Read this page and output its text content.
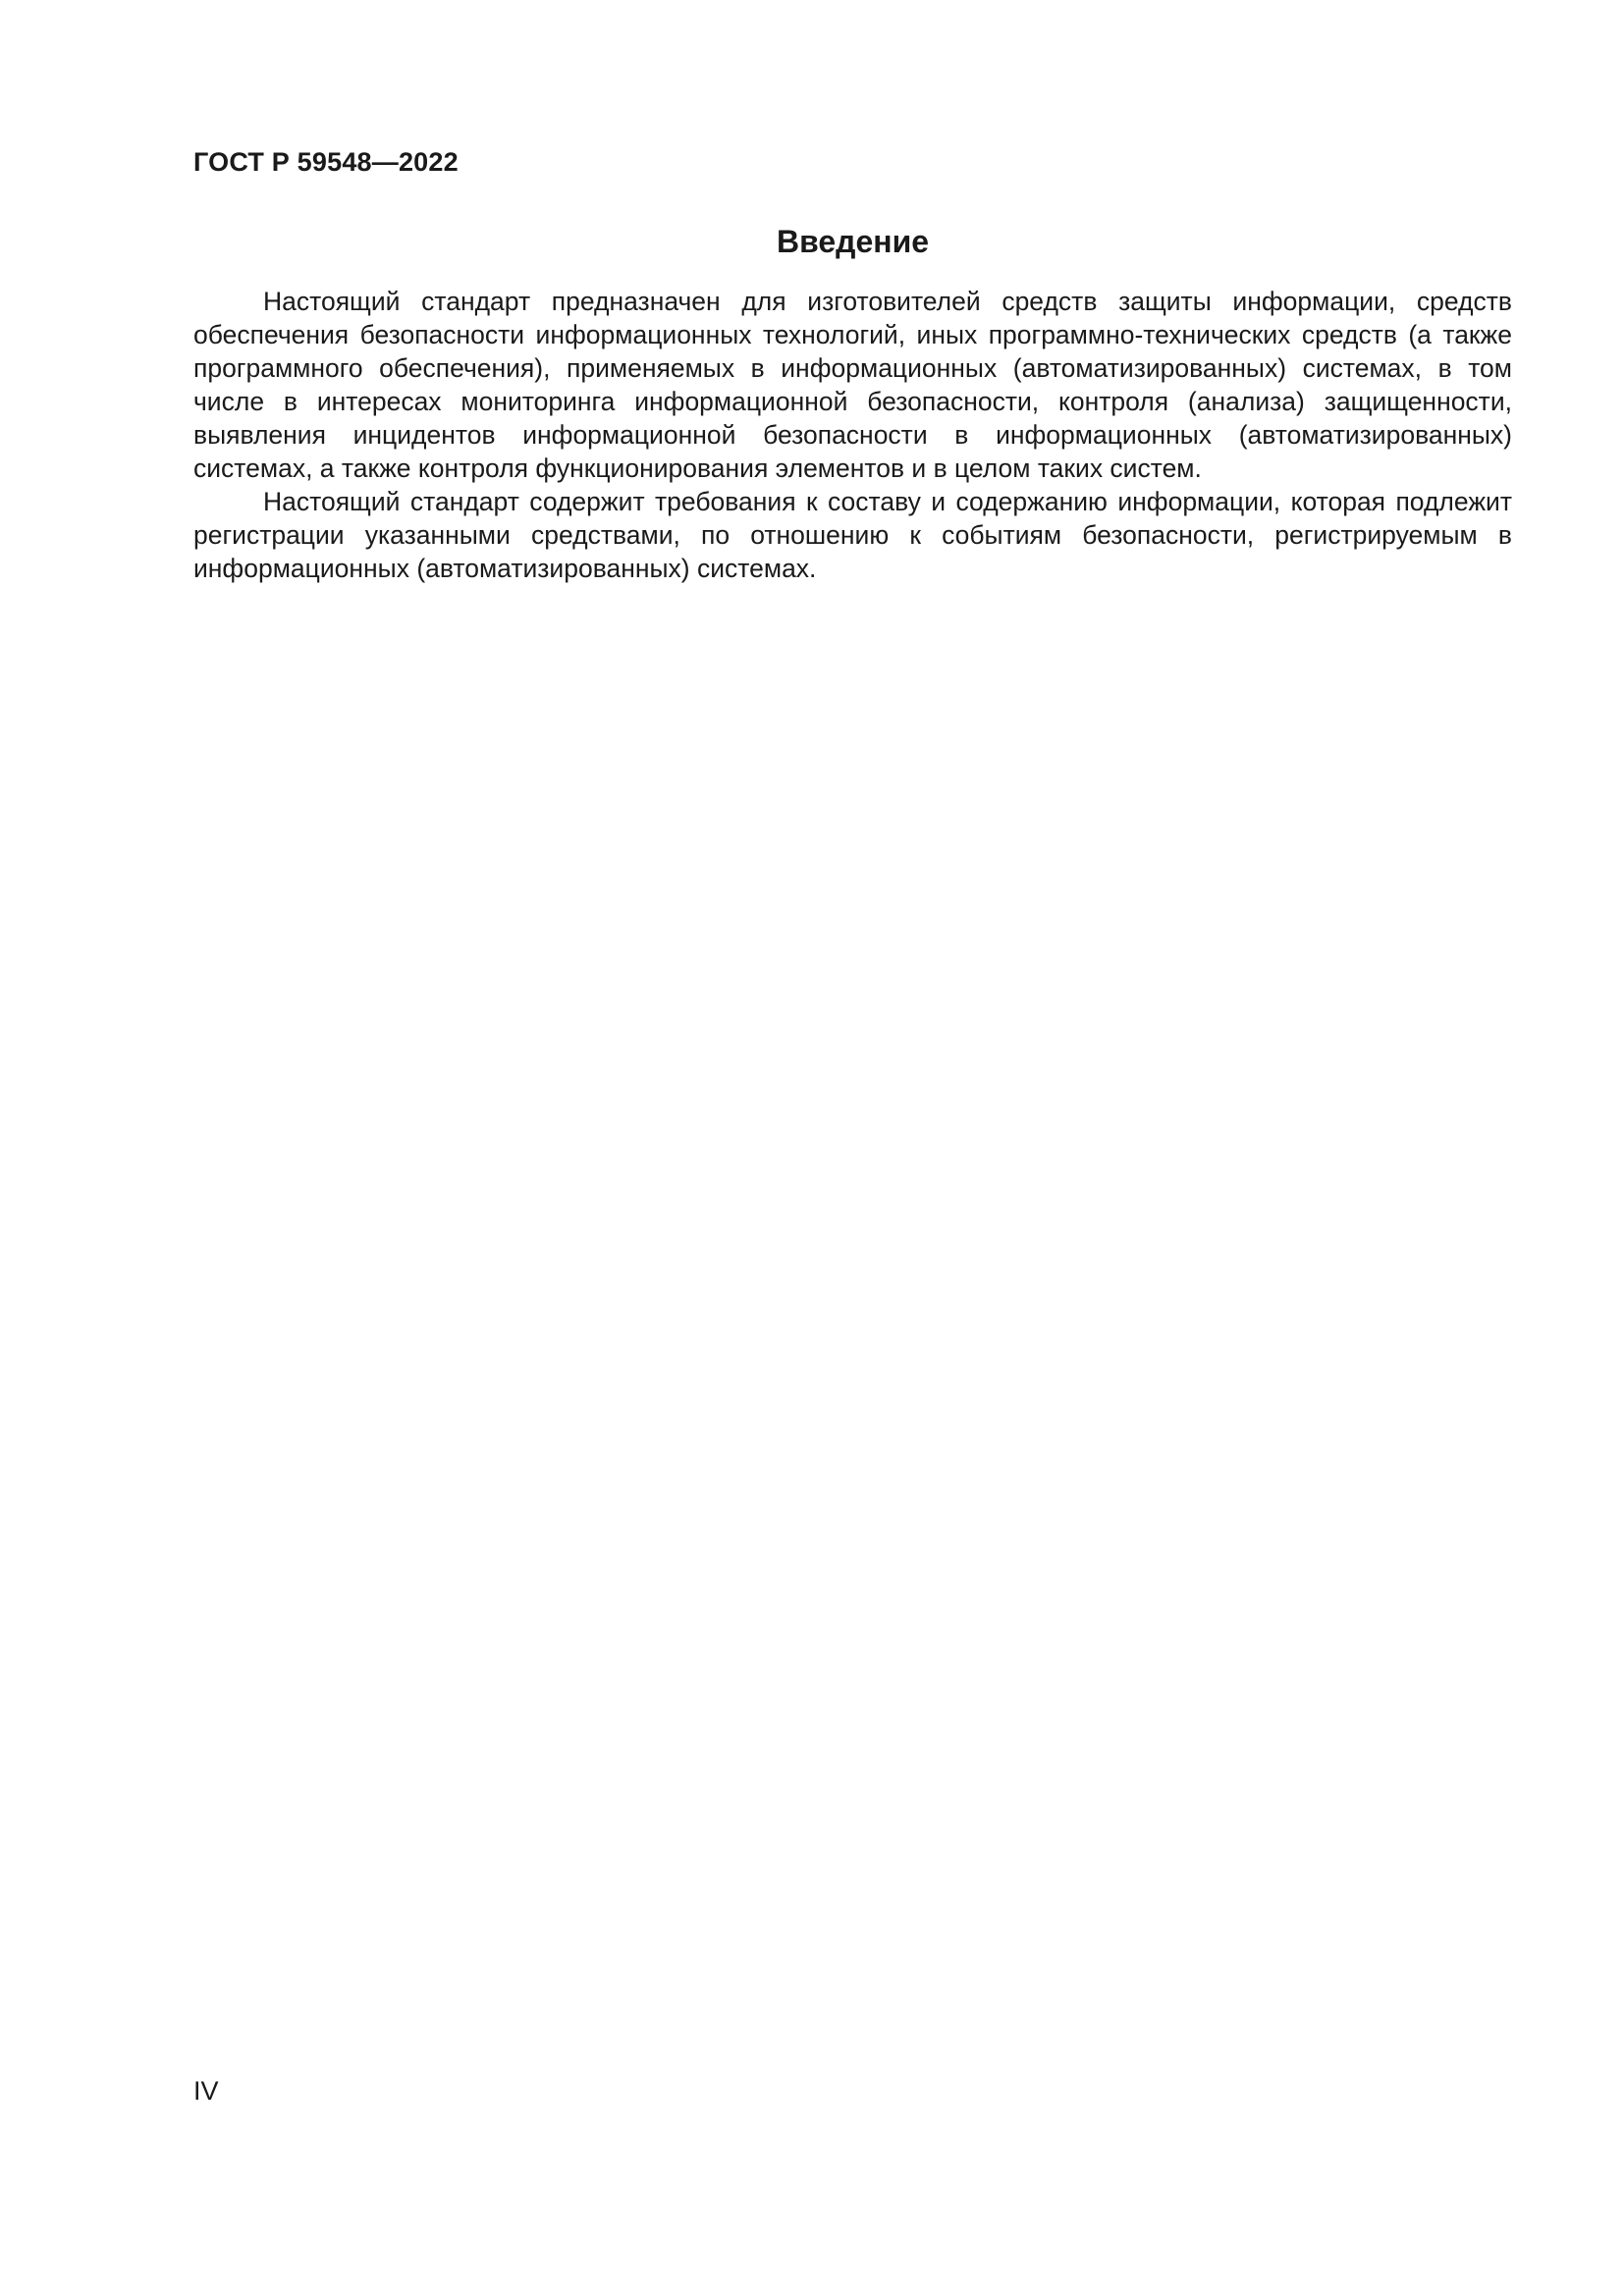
ГОСТ Р 59548—2022
Введение

Настоящий стандарт предназначен для изготовителей средств защиты информации, средств обеспечения безопасности информационных технологий, иных программно-технических средств (а также программного обеспечения), применяемых в информационных (автоматизированных) системах, в том числе в интересах мониторинга информационной безопасности, контроля (анализа) защищенности, выявления инцидентов информационной безопасности в информационных (автоматизированных) системах, а также контроля функционирования элементов и в целом таких систем.

Настоящий стандарт содержит требования к составу и содержанию информации, которая подлежит регистрации указанными средствами, по отношению к событиям безопасности, регистрируемым в информационных (автоматизированных) системах.

IV
